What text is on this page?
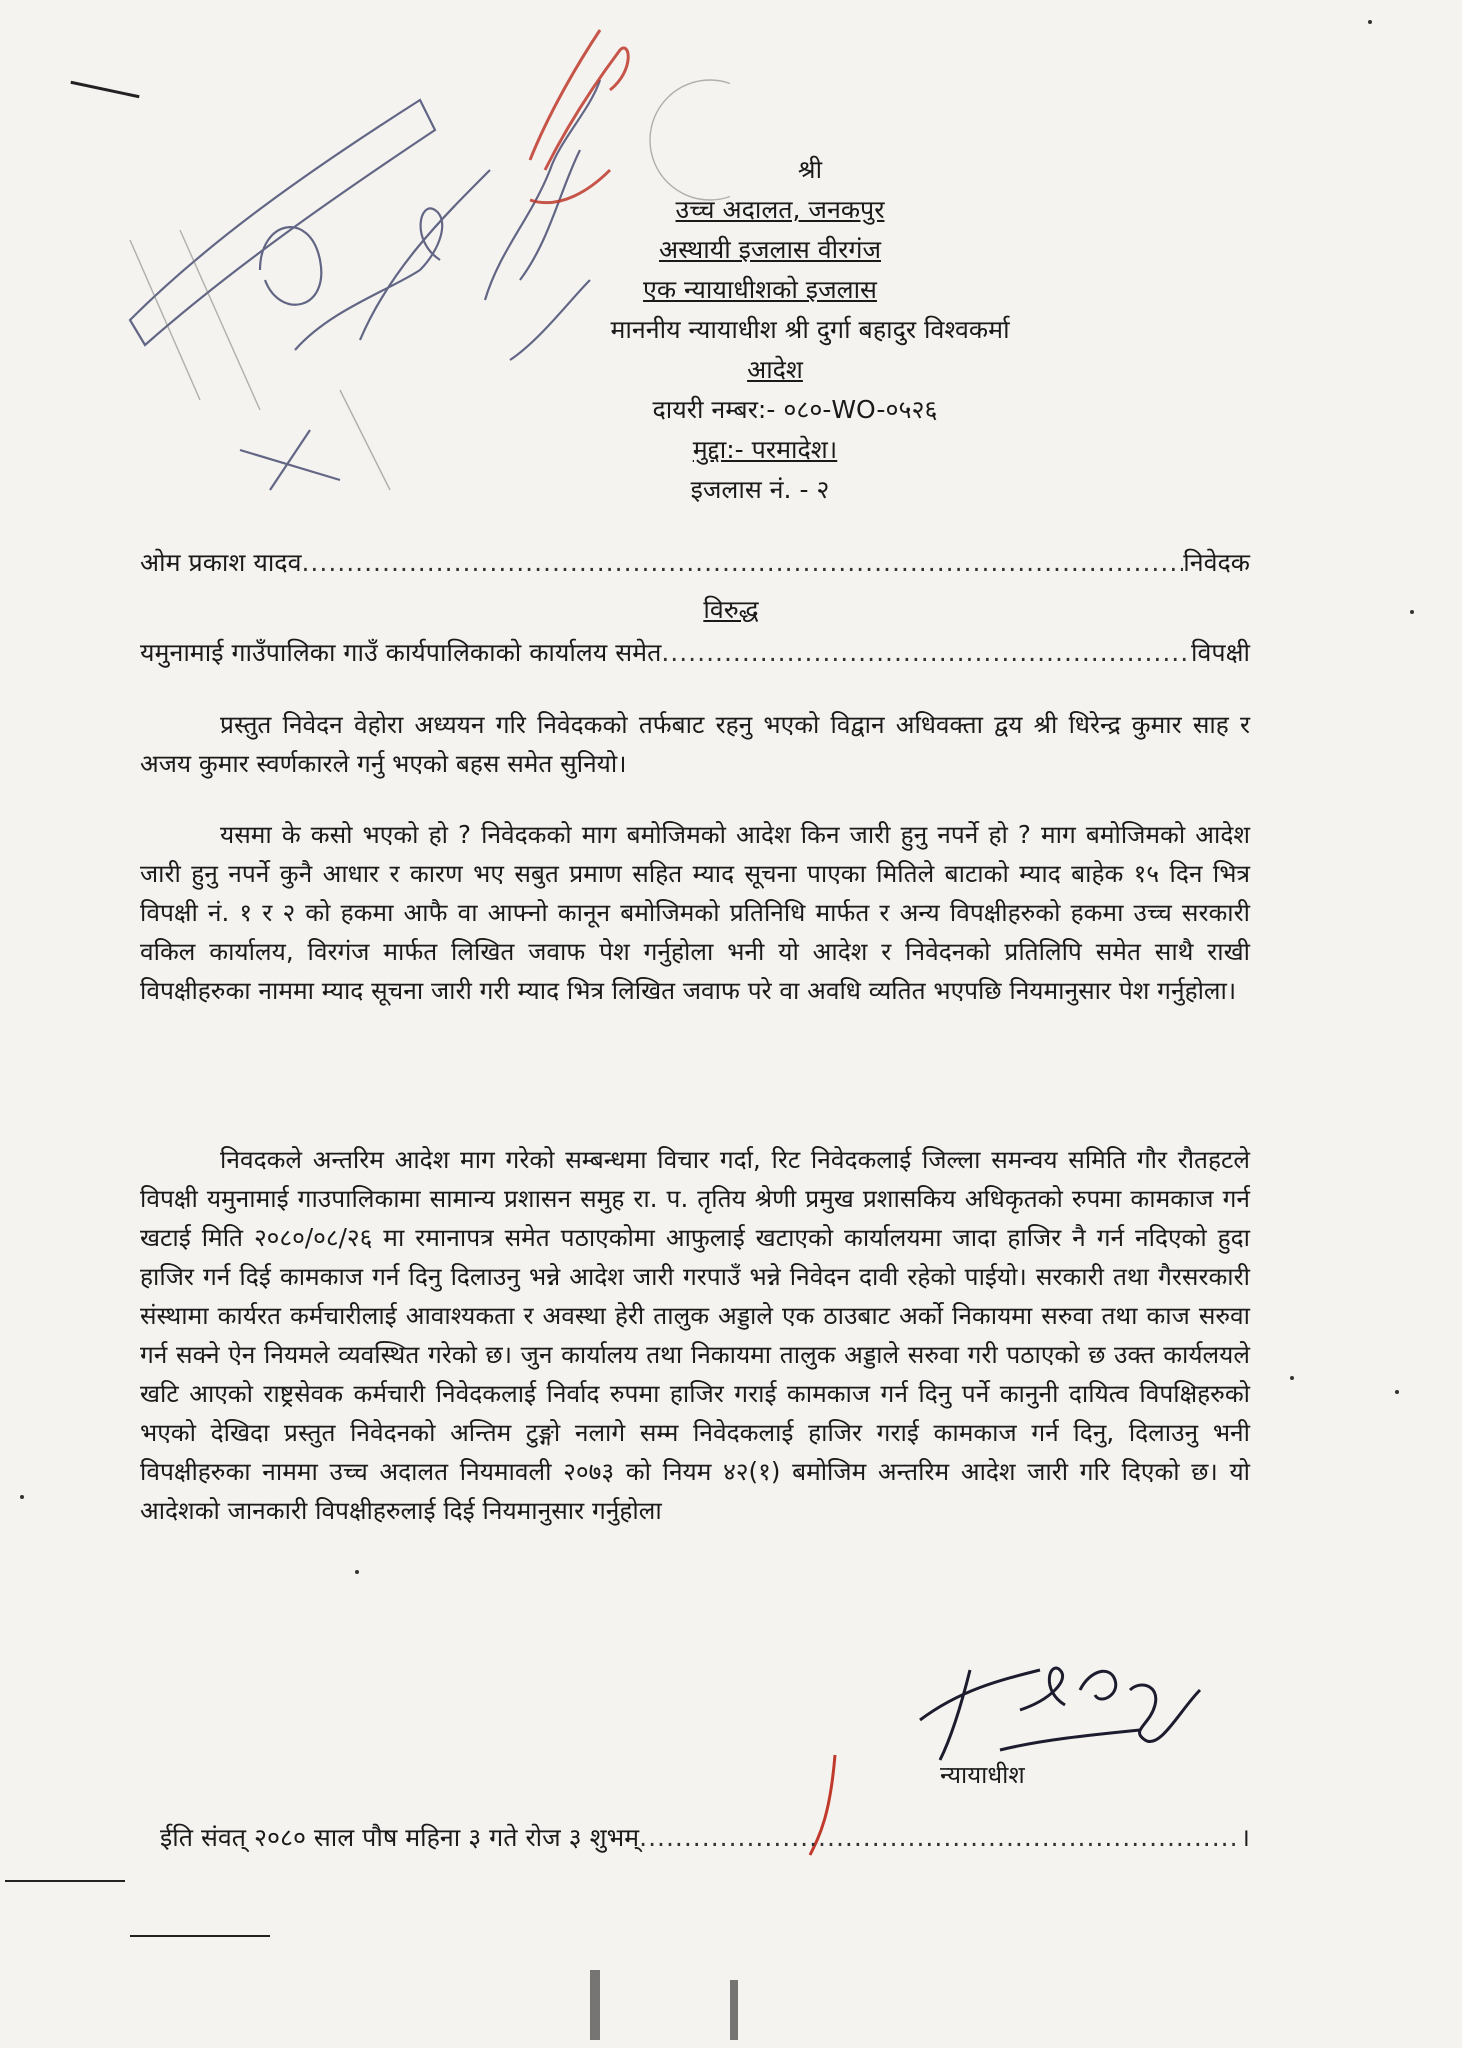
श्री
उच्च अदालत, जनकपुर
अस्थायी इजलास वीरगंज
एक न्यायाधीशको इजलास
माननीय न्यायाधीश श्री दुर्गा बहादुर विश्वकर्मा
आदेश
दायरी नम्बर:- ०८०-WO-०५२६
मुद्दा:- परमादेश।
इजलास नं. - २
ओम प्रकाश यादव .....	निवेदक
विरुद्ध
यमुनामाई गाउँपालिका गाउँ कार्यपालिकाको कार्यालय समेत .....	विपक्षी

प्रस्तुत निवेदन वेहोरा अध्ययन गरि निवेदकको तर्फबाट रहनु भएको विद्वान अधिवक्ता द्वय श्री धिरेन्द्र कुमार साह र अजय कुमार स्वर्णकारले गर्नु भएको बहस समेत सुनियो।

यसमा के कसो भएको हो ? निवेदकको माग बमोजिमको आदेश किन जारी हुनु नपर्ने हो ? माग बमोजिमको आदेश जारी हुनु नपर्ने कुनै आधार र कारण भए सबुत प्रमाण सहित म्याद सूचना पाएका मितिले बाटाको म्याद बाहेक १५ दिन भित्र विपक्षी नं. १ र २ को हकमा आफै वा आफ्नो कानून बमोजिमको प्रतिनिधि मार्फत र अन्य विपक्षीहरुको हकमा उच्च सरकारी वकिल कार्यालय, विरगंज मार्फत लिखित जवाफ पेश गर्नुहोला भनी यो आदेश र निवेदनको प्रतिलिपि समेत साथै राखी विपक्षीहरुका नाममा म्याद सूचना जारी गरी म्याद भित्र लिखित जवाफ परे वा अवधि व्यतित भएपछि नियमानुसार पेश गर्नुहोला।

निवदकले अन्तरिम आदेश माग गरेको सम्बन्धमा विचार गर्दा, रिट निवेदकलाई जिल्ला समन्वय समिति गौर रौतहटले विपक्षी यमुनामाई गाउपालिकामा सामान्य प्रशासन समुह रा. प. तृतिय श्रेणी प्रमुख प्रशासकिय अधिकृतको रुपमा कामकाज गर्न खटाई मिति २०८०/०८/२६ मा रमानापत्र समेत पठाएकोमा आफुलाई खटाएको कार्यालयमा जादा हाजिर नै गर्न नदिएको हुदा हाजिर गर्न दिई कामकाज गर्न दिनु दिलाउनु भन्ने आदेश जारी गरपाउँ भन्ने निवेदन दावी रहेको पाईयो। सरकारी तथा गैरसरकारी संस्थामा कार्यरत कर्मचारीलाई आवाश्यकता र अवस्था हेरी तालुक अड्डाले एक ठाउबाट अर्को निकायमा सरुवा तथा काज सरुवा गर्न सक्ने ऐन नियमले व्यवस्थित गरेको छ। जुन कार्यालय तथा निकायमा तालुक अड्डाले सरुवा गरी पठाएको छ उक्त कार्यलयले खटि आएको राष्ट्रसेवक कर्मचारी निवेदकलाई निर्वाद रुपमा हाजिर गराई कामकाज गर्न दिनु पर्ने कानुनी दायित्व विपक्षिहरुको भएको देखिदा प्रस्तुत निवेदनको अन्तिम टुङ्गो नलागे सम्म निवेदकलाई हाजिर गराई कामकाज गर्न दिनु, दिलाउनु भनी विपक्षीहरुका नाममा उच्च अदालत नियमावली २०७३ को नियम ४२(१) बमोजिम अन्तरिम आदेश जारी गरि दिएको छ। यो आदेशको जानकारी विपक्षीहरुलाई दिई नियमानुसार गर्नुहोला

न्यायाधीश
ईति संवत् २०८० साल पौष महिना ३ गते रोज ३ शुभम् .....	।
